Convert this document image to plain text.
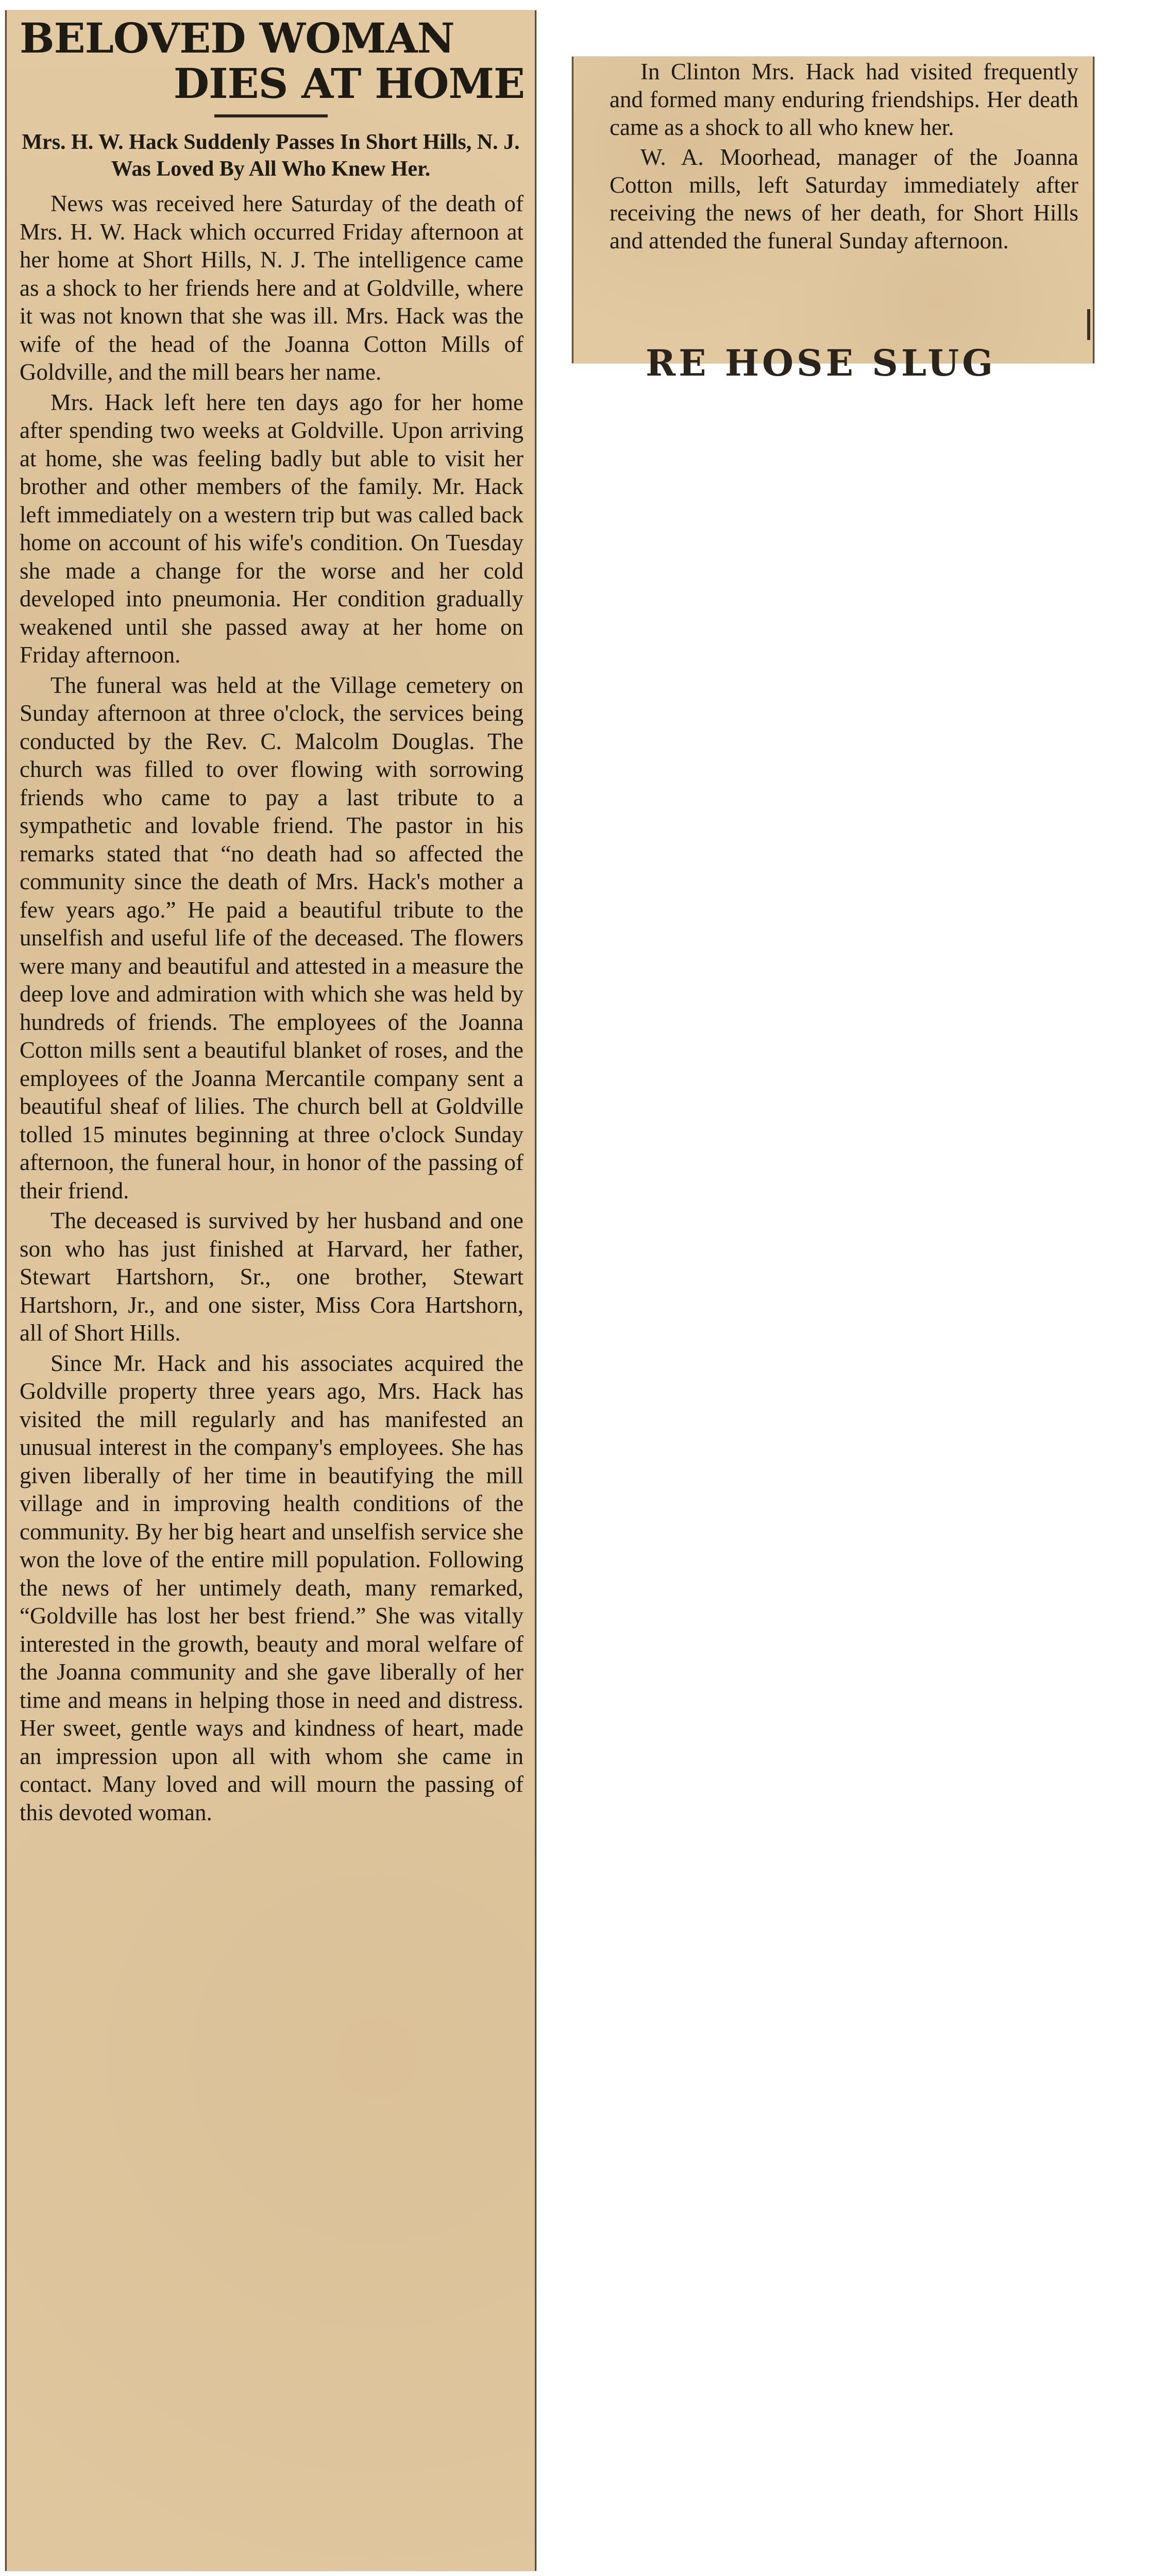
BELOVED WOMAN
DIES AT HOME
Mrs. H. W. Hack Suddenly Passes In Short Hills, N. J. Was Loved By All Who Knew Her.

News was received here Saturday of the death of Mrs. H. W. Hack which occurred Friday afternoon at her home at Short Hills, N. J. The intelligence came as a shock to her friends here and at Goldville, where it was not known that she was ill. Mrs. Hack was the wife of the head of the Joanna Cotton Mills of Goldville, and the mill bears her name.

Mrs. Hack left here ten days ago for her home after spending two weeks at Goldville. Upon arriving at home, she was feeling badly but able to visit her brother and other members of the family. Mr. Hack left immediately on a western trip but was called back home on account of his wife's condition. On Tuesday she made a change for the worse and her cold developed into pneumonia. Her condition gradually weakened until she passed away at her home on Friday afternoon.

The funeral was held at the Village cemetery on Sunday afternoon at three o'clock, the services being conducted by the Rev. C. Malcolm Douglas. The church was filled to over flowing with sorrowing friends who came to pay a last tribute to a sympathetic and lovable friend. The pastor in his remarks stated that “no death had so affected the community since the death of Mrs. Hack's mother a few years ago.” He paid a beautiful tribute to the unselfish and useful life of the deceased. The flowers were many and beautiful and attested in a measure the deep love and admiration with which she was held by hundreds of friends. The employees of the Joanna Cotton mills sent a beautiful blanket of roses, and the employees of the Joanna Mercantile company sent a beautiful sheaf of lilies. The church bell at Goldville tolled 15 minutes beginning at three o'clock Sunday afternoon, the funeral hour, in honor of the passing of their friend.

The deceased is survived by her husband and one son who has just finished at Harvard, her father, Stewart Hartshorn, Sr., one brother, Stewart Hartshorn, Jr., and one sister, Miss Cora Hartshorn, all of Short Hills.

Since Mr. Hack and his associates acquired the Goldville property three years ago, Mrs. Hack has visited the mill regularly and has manifested an unusual interest in the company's employees. She has given liberally of her time in beautifying the mill village and in improving health conditions of the community. By her big heart and unselfish service she won the love of the entire mill population. Following the news of her untimely death, many remarked, “Goldville has lost her best friend.” She was vitally interested in the growth, beauty and moral welfare of the Joanna community and she gave liberally of her time and means in helping those in need and distress. Her sweet, gentle ways and kindness of heart, made an impression upon all with whom she came in contact. Many loved and will mourn the passing of this devoted woman.

In Clinton Mrs. Hack had visited frequently and formed many enduring friendships. Her death came as a shock to all who knew her.

W. A. Moorhead, manager of the Joanna Cotton mills, left Saturday immediately after receiving the news of her death, for Short Hills and attended the funeral Sunday afternoon.

RE HOSE SLUG
